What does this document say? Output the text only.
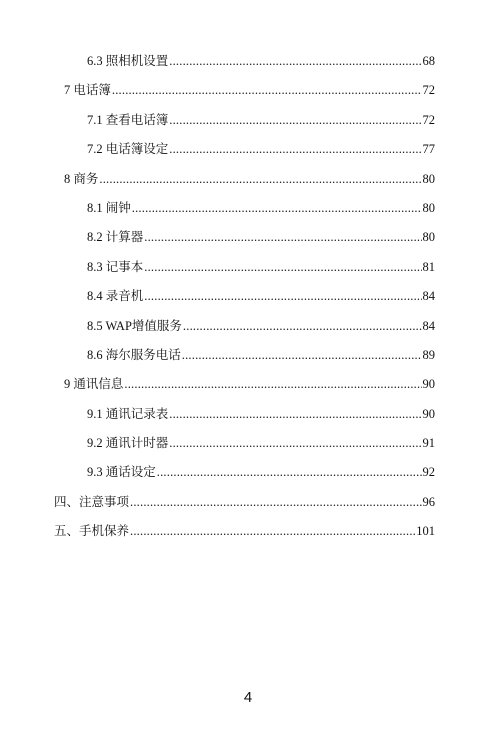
6.3 照相机设置 .....	68
7 电话簿 .....	72
7.1 查看电话簿 .....	72
7.2 电话簿设定 .....	77
8 商务 .....	80
8.1 闹钟 .....	80
8.2 计算器 .....	80
8.3 记事本 .....	81
8.4 录音机 .....	84
8.5 WAP增值服务 .....	84
8.6 海尔服务电话 .....	89
9 通讯信息 .....	90
9.1 通讯记录表 .....	90
9.2 通讯计时器 .....	91
9.3 通话设定 .....	92
四、注意事项 .....	96
五、手机保养 .....	101
4
